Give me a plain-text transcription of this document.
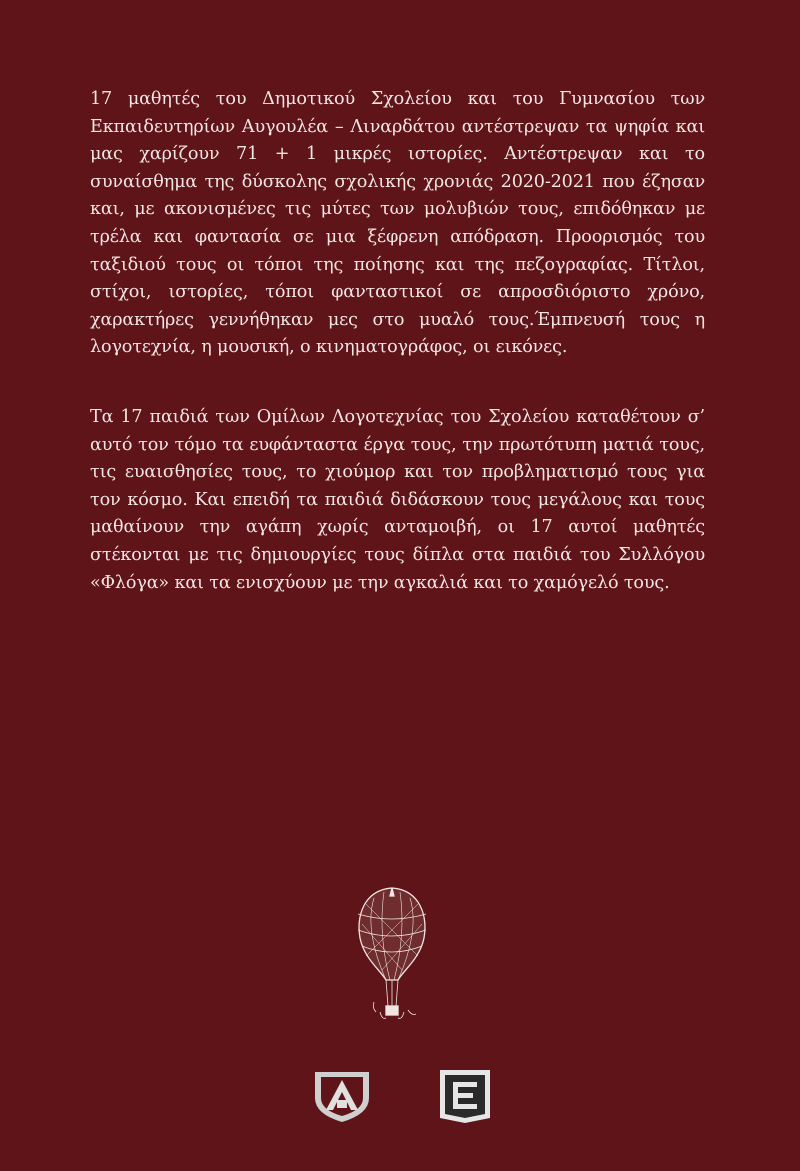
17 μαθητές του Δημοτικού Σχολείου και του Γυμνασίου των Εκπαιδευτηρίων Αυγουλέα – Λιναρδάτου αντέστρεψαν τα ψηφία και μας χαρίζουν 71 + 1 μικρές ιστορίες. Αντέστρεψαν και το συναίσθημα της δύσκολης σχολικής χρονιάς 2020-2021 που έζησαν και, με ακονισμένες τις μύτες των μολυβιών τους, επιδόθηκαν με τρέλα και φαντασία σε μια ξέφρενη απόδραση. Προορισμός του ταξιδιού τους οι τόποι της ποίησης και της πεζογραφίας. Τίτλοι, στίχοι, ιστορίες, τόποι φανταστικοί σε απροσδιόριστο χρόνο, χαρακτήρες γεννήθηκαν μες στο μυαλό τους.Έμπνευσή τους η λογοτεχνία, η μουσική, ο κινηματογράφος, οι εικόνες.
Τα 17 παιδιά των Ομίλων Λογοτεχνίας του Σχολείου καταθέτουν σ’ αυτό τον τόμο τα ευφάνταστα έργα τους, την πρωτότυπη ματιά τους, τις ευαισθησίες τους, το χιούμορ και τον προβληματισμό τους για τον κόσμο. Και επειδή τα παιδιά διδάσκουν τους μεγάλους και τους μαθαίνουν την αγάπη χωρίς ανταμοιβή, οι 17 αυτοί μαθητές στέκονται με τις δημιουργίες τους δίπλα στα παιδιά του Συλλόγου «Φλόγα» και τα ενισχύουν με την αγκαλιά και το χαμόγελό τους.
